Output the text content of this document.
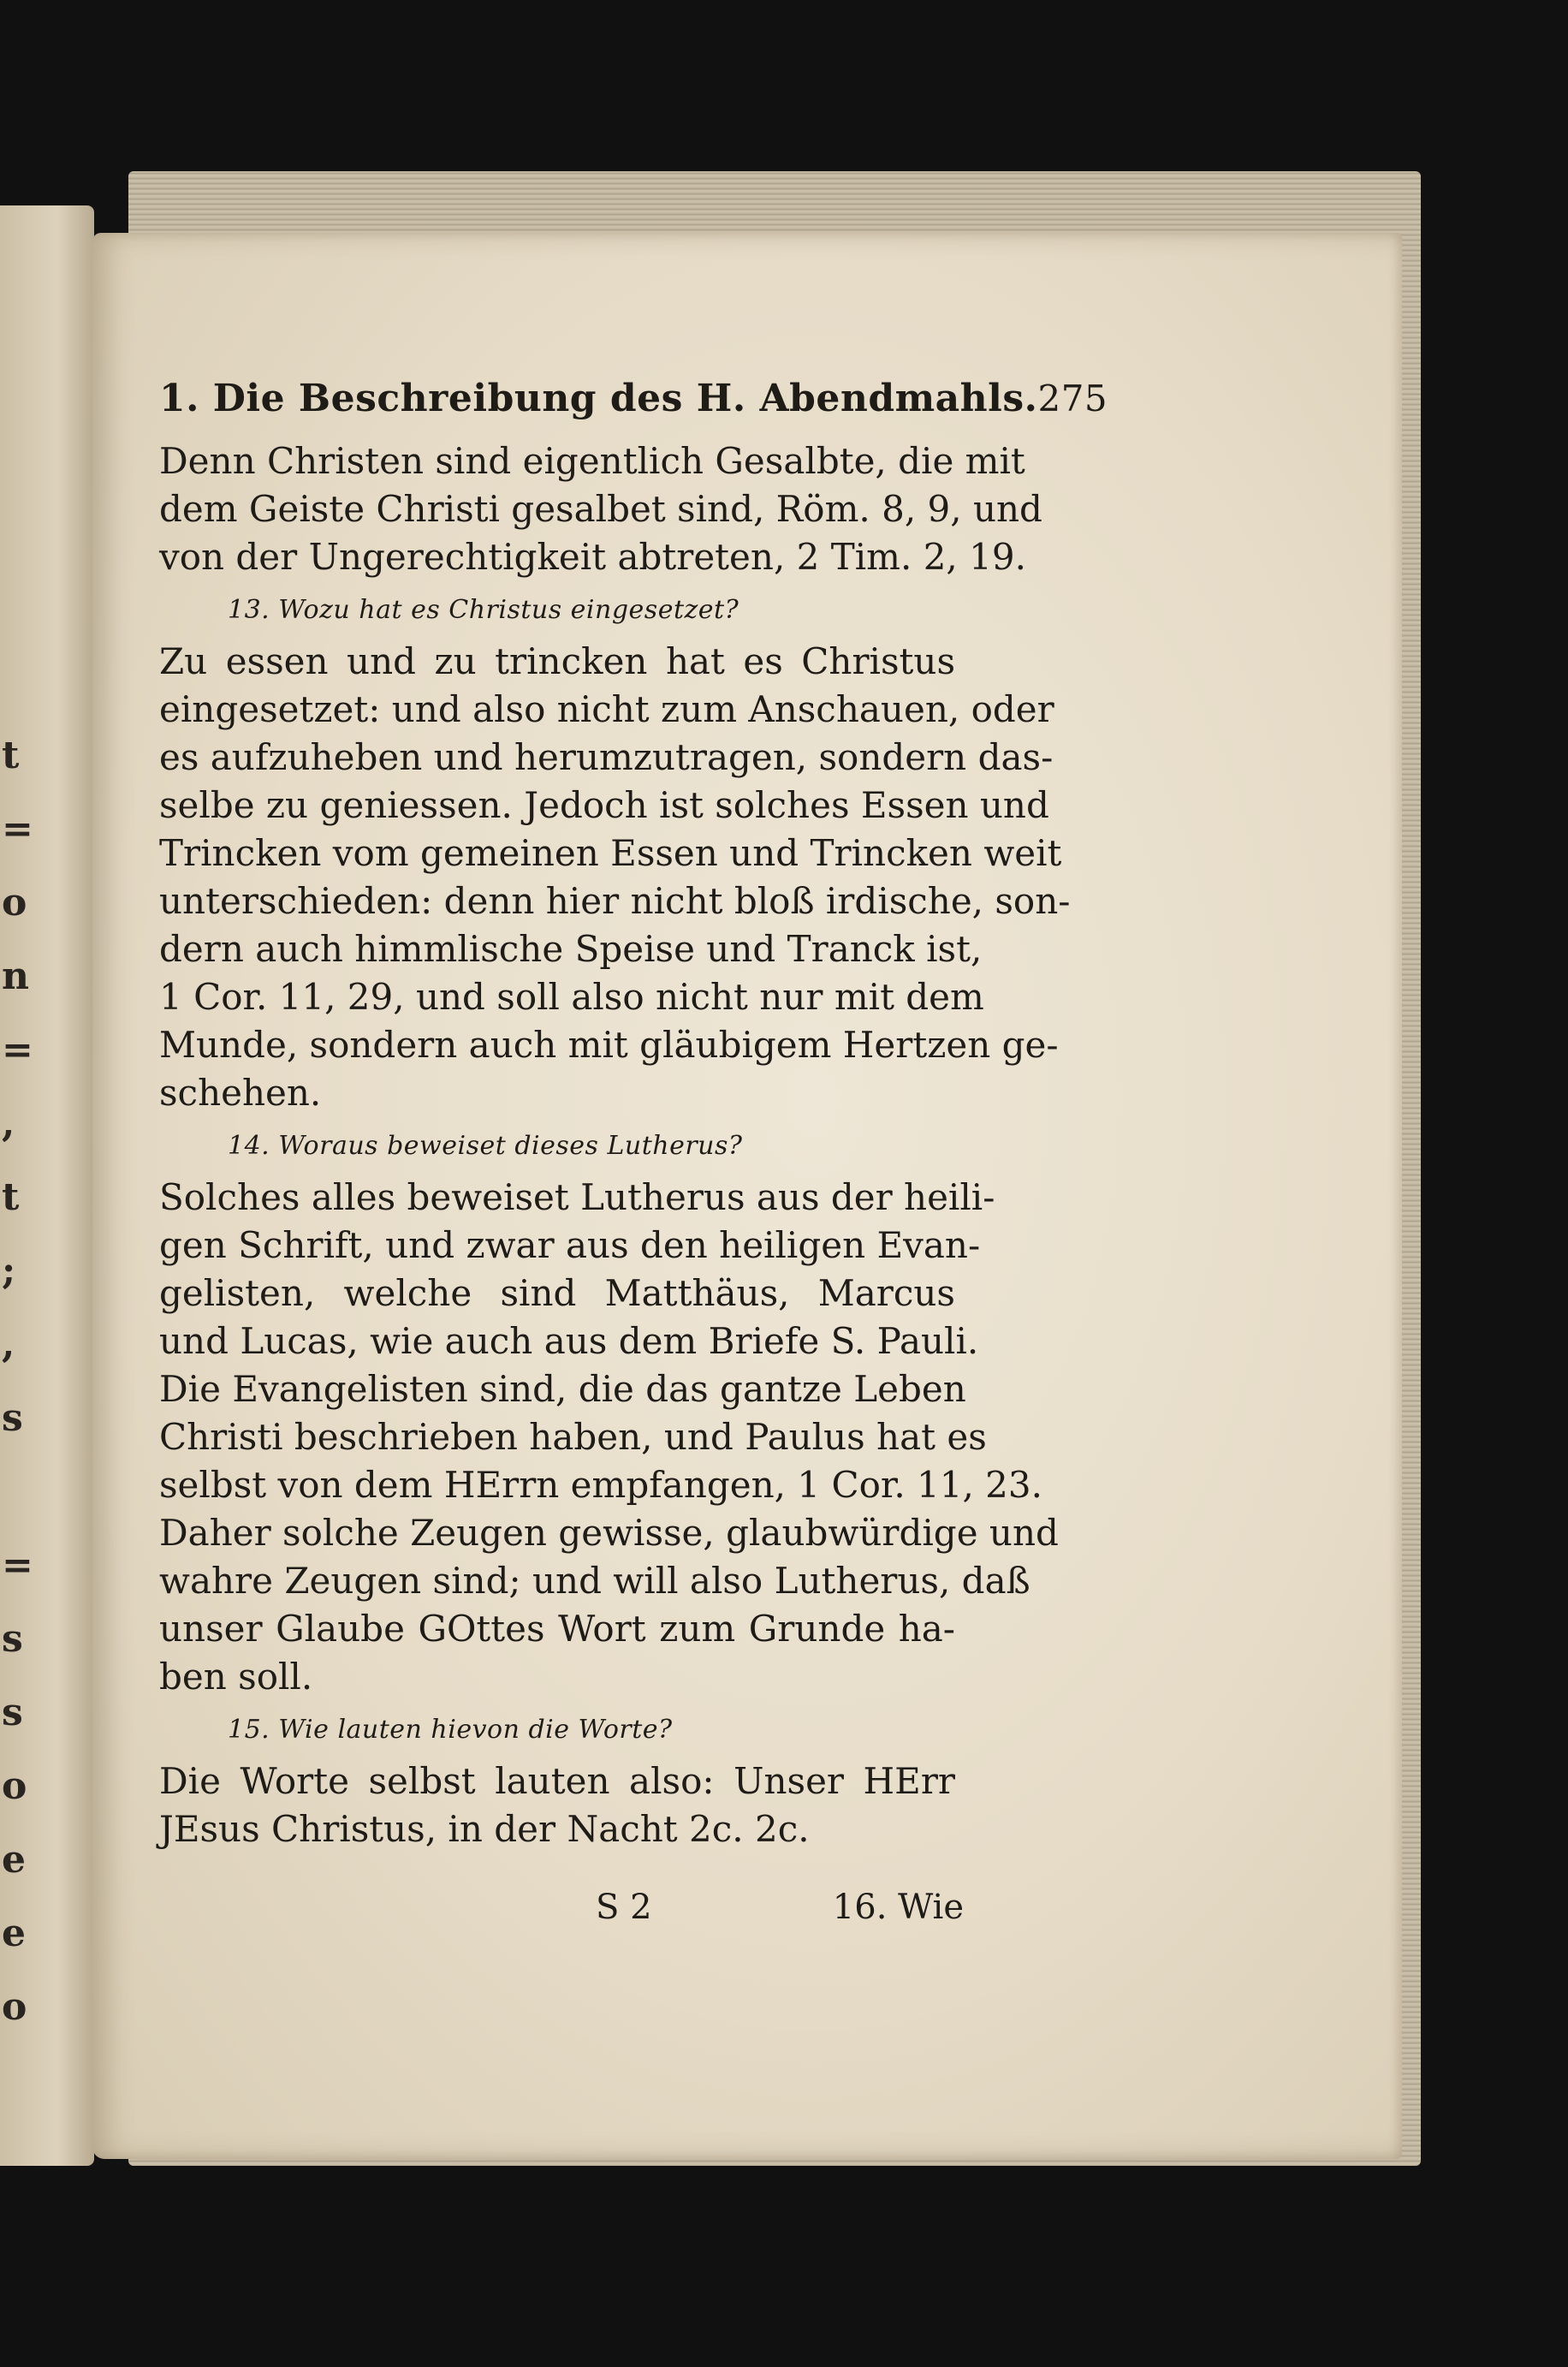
t
=
o
n
=
,
t
;
,
s
=
s
s
o
e
e
o
1. Die Beschreibung des H. Abendmahls. 275
Denn Christen sind eigentlich Gesalbte, die mit
dem Geiste Christi gesalbet sind, Röm. 8, 9, und
von der Ungerechtigkeit abtreten, 2 Tim. 2, 19.
13. Wozu hat es Christus eingesetzet?
Zu essen und zu trincken hat es Christus
eingesetzet: und also nicht zum Anschauen, oder
es aufzuheben und herumzutragen, sondern das-
selbe zu geniessen. Jedoch ist solches Essen und
Trincken vom gemeinen Essen und Trincken weit
unterschieden: denn hier nicht bloß irdische, son-
dern auch himmlische Speise und Tranck ist,
1 Cor. 11, 29, und soll also nicht nur mit dem
Munde, sondern auch mit gläubigem Hertzen ge-
schehen.
14. Woraus beweiset dieses Lutherus?
Solches alles beweiset Lutherus aus der heili-
gen Schrift, und zwar aus den heiligen Evan-
gelisten, welche sind Matthäus, Marcus
und Lucas, wie auch aus dem Briefe S. Pauli.
Die Evangelisten sind, die das gantze Leben
Christi beschrieben haben, und Paulus hat es
selbst von dem HErrn empfangen, 1 Cor. 11, 23.
Daher solche Zeugen gewisse, glaubwürdige und
wahre Zeugen sind; und will also Lutherus, daß
unser Glaube GOttes Wort zum Grunde ha-
ben soll.
15. Wie lauten hievon die Worte?
Die Worte selbst lauten also: Unser HErr
JEsus Christus, in der Nacht 2c. 2c.
S 2	16. Wie
